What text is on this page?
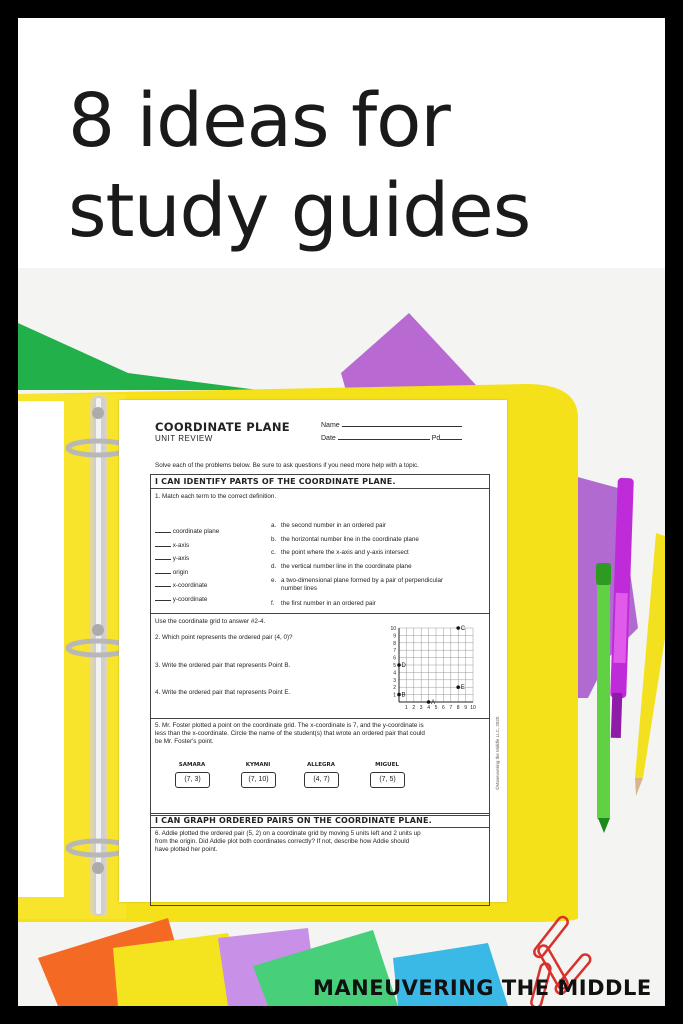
8 ideas for
study guides
COORDINATE PLANE
UNIT REVIEW
Name
Date	Pd
Solve each of the problems below. Be sure to ask questions if you need more help with a topic.
I CAN IDENTIFY PARTS OF THE COORDINATE PLANE.
1. Match each term to the correct definition.
Use the coordinate grid to answer #2-4.
2. Which point represents the ordered pair (4, 0)?
3. Write the ordered pair that represents Point B.
4. Write the ordered pair that represents Point E.
1
1
2
2
3
3
4
4
5
5
6
6
7
7
8
8
9
9
10
10
A
B
C
D
E
5. Mr. Foster plotted a point on the coordinate grid. The x-coordinate is 7, and the y-coordinate is
less than the x-coordinate. Circle the name of the student(s) that wrote an ordered pair that could
be Mr. Foster's point.
I CAN GRAPH ORDERED PAIRS ON THE COORDINATE PLANE.
6. Addie plotted the ordered pair (5, 2) on a coordinate grid by moving 5 units left and 2 units up
from the origin. Did Addie plot both coordinates correctly? If not, describe how Addie should
have plotted her point.
©Maneuvering the Middle LLC, 2020
coordinate plane
x-axis
y-axis
origin
x-coordinate
y-coordinate
a. the second number in an ordered pair
b. the horizontal number line in the coordinate plane
c. the point where the x-axis and y-axis intersect
d. the vertical number line in the coordinate plane
e. a two-dimensional plane formed by a pair of perpendicular
number lines
f. the first number in an ordered pair
SAMARA
(7, 3)
KYMANI
(7, 10)
ALLEGRA
(4, 7)
MIGUEL
(7, 5)
MANEUVERING THE MIDDLE
